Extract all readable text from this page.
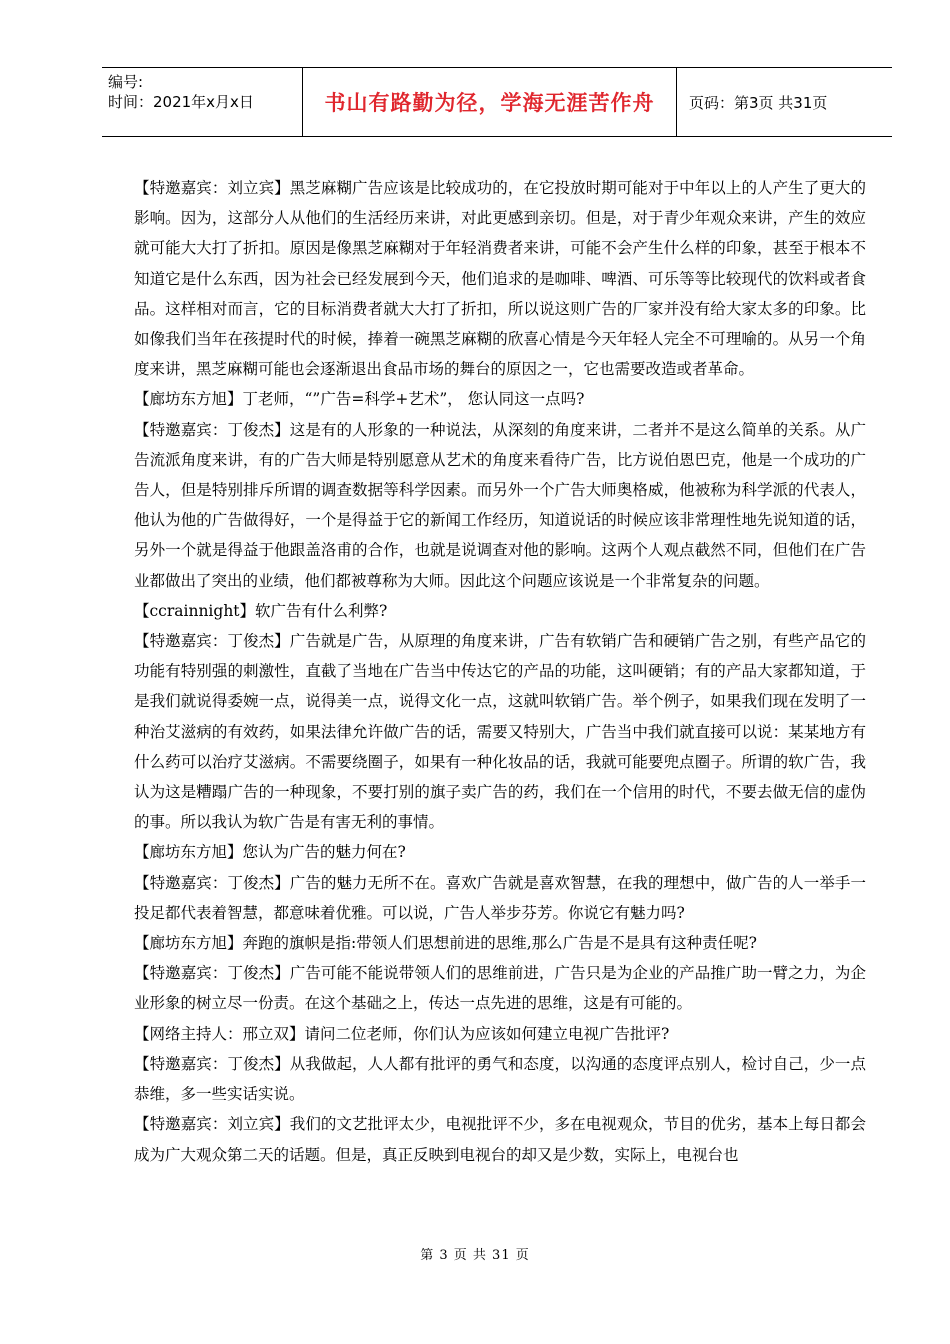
编号:
时间：2021年x月x日	书山有路勤为径，学海无涯苦作舟 页码：第3页 共31页

【特邀嘉宾：刘立宾】黑芝麻糊广告应该是比较成功的，在它投放时期可能对于中年以上的人产生了更大的影响。因为，这部分人从他们的生活经历来讲，对此更感到亲切。但是，对于青少年观众来讲，产生的效应就可能大大打了折扣。原因是像黑芝麻糊对于年轻消费者来讲，可能不会产生什么样的印象，甚至于根本不知道它是什么东西，因为社会已经发展到今天，他们追求的是咖啡、啤酒、可乐等等比较现代的饮料或者食品。这样相对而言，它的目标消费者就大大打了折扣，所以说这则广告的厂家并没有给大家太多的印象。比如像我们当年在孩提时代的时候，捧着一碗黑芝麻糊的欣喜心情是今天年轻人完全不可理喻的。从另一个角度来讲，黑芝麻糊可能也会逐渐退出食品市场的舞台的原因之一，它也需要改造或者革命。

【廊坊东方旭】丁老师，“”广告=科学+艺术”， 您认同这一点吗?

【特邀嘉宾：丁俊杰】这是有的人形象的一种说法，从深刻的角度来讲，二者并不是这么简单的关系。从广告流派角度来讲，有的广告大师是特别愿意从艺术的角度来看待广告，比方说伯恩巴克，他是一个成功的广告人，但是特别排斥所谓的调查数据等科学因素。而另外一个广告大师奥格威，他被称为科学派的代表人，他认为他的广告做得好，一个是得益于它的新闻工作经历，知道说话的时候应该非常理性地先说知道的话，另外一个就是得益于他跟盖洛甫的合作，也就是说调查对他的影响。这两个人观点截然不同，但他们在广告业都做出了突出的业绩，他们都被尊称为大师。因此这个问题应该说是一个非常复杂的问题。

【ccrainnight】软广告有什么利弊?

【特邀嘉宾：丁俊杰】广告就是广告，从原理的角度来讲，广告有软销广告和硬销广告之别，有些产品它的功能有特别强的刺激性，直截了当地在广告当中传达它的产品的功能，这叫硬销；有的产品大家都知道，于是我们就说得委婉一点，说得美一点，说得文化一点，这就叫软销广告。举个例子，如果我们现在发明了一种治艾滋病的有效药，如果法律允许做广告的话，需要又特别大，广告当中我们就直接可以说：某某地方有什么药可以治疗艾滋病。不需要绕圈子，如果有一种化妆品的话，我就可能要兜点圈子。所谓的软广告，我认为这是糟蹋广告的一种现象，不要打别的旗子卖广告的药，我们在一个信用的时代，不要去做无信的虚伪的事。所以我认为软广告是有害无利的事情。

【廊坊东方旭】您认为广告的魅力何在?

【特邀嘉宾：丁俊杰】广告的魅力无所不在。喜欢广告就是喜欢智慧，在我的理想中，做广告的人一举手一投足都代表着智慧，都意味着优雅。可以说，广告人举步芬芳。你说它有魅力吗?

【廊坊东方旭】奔跑的旗帜是指:带领人们思想前进的思维,那么广告是不是具有这种责任呢?

【特邀嘉宾：丁俊杰】广告可能不能说带领人们的思维前进，广告只是为企业的产品推广助一臂之力，为企业形象的树立尽一份责。在这个基础之上，传达一点先进的思维，这是有可能的。

【网络主持人：邢立双】请问二位老师，你们认为应该如何建立电视广告批评?

【特邀嘉宾：丁俊杰】从我做起，人人都有批评的勇气和态度，以沟通的态度评点别人，检讨自己，少一点恭维，多一些实话实说。

【特邀嘉宾：刘立宾】我们的文艺批评太少，电视批评不少，多在电视观众，节目的优劣，基本上每日都会成为广大观众第二天的话题。但是，真正反映到电视台的却又是少数，实际上，电视台也

第 3 页 共 31 页
